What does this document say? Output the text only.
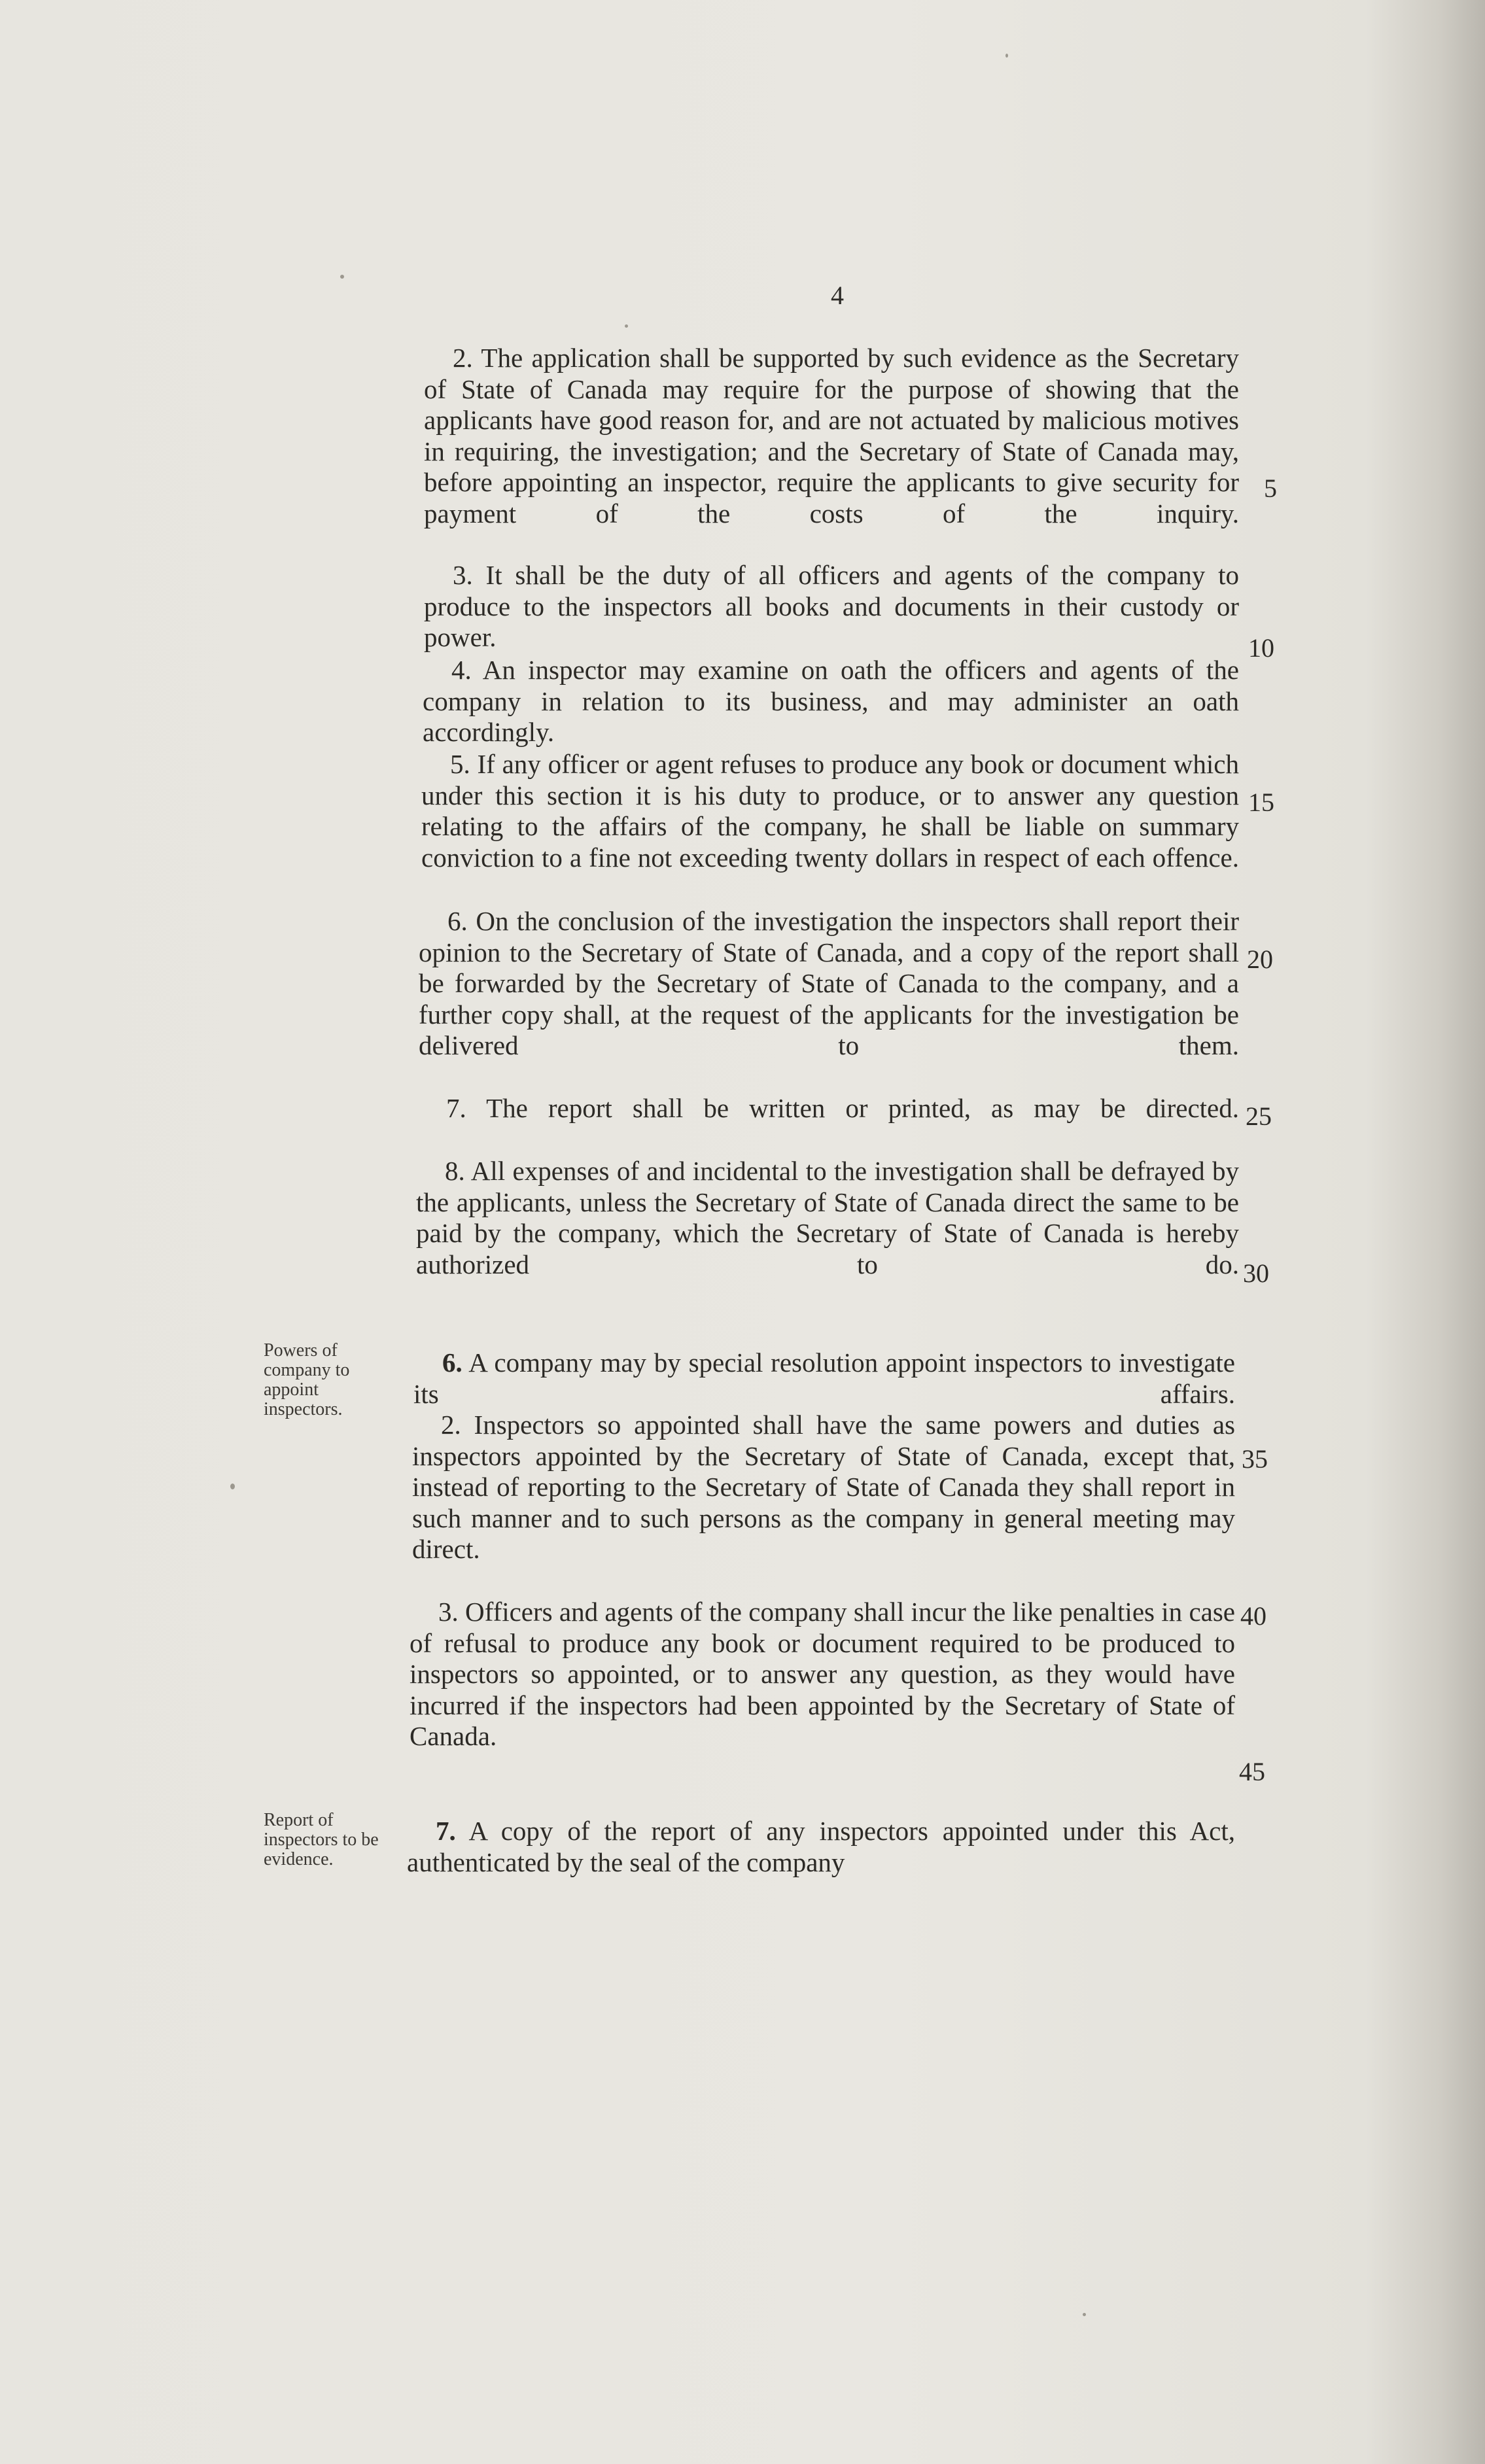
4

2. The application shall be supported by such evidence as the Secretary of State of Canada may require for the purpose of showing that the applicants have good reason for, and are not actuated by malicious motives in requiring, the investigation; and the Secretary of State of Canada may, before appointing an inspector, require the applicants to give security for payment of the costs of the inquiry.

3. It shall be the duty of all officers and agents of the company to produce to the inspectors all books and documents in their custody or power.

4. An inspector may examine on oath the officers and agents of the company in relation to its business, and may administer an oath accordingly.

5. If any officer or agent refuses to produce any book or document which under this section it is his duty to produce, or to answer any question relating to the affairs of the company, he shall be liable on summary conviction to a fine not exceeding twenty dollars in respect of each offence.

6. On the conclusion of the investigation the inspectors shall report their opinion to the Secretary of State of Canada, and a copy of the report shall be forwarded by the Secretary of State of Canada to the company, and a further copy shall, at the request of the applicants for the investigation be delivered to them.

7. The report shall be written or printed, as may be directed.

8. All expenses of and incidental to the investigation shall be defrayed by the applicants, unless the Secretary of State of Canada direct the same to be paid by the company, which the Secretary of State of Canada is hereby authorized to do.

Powers of company to appoint inspectors.

6. A company may by special resolution appoint inspectors to investigate its affairs.

2. Inspectors so appointed shall have the same powers and duties as inspectors appointed by the Secretary of State of Canada, except that, instead of reporting to the Secretary of State of Canada they shall report in such manner and to such persons as the company in general meeting may direct.

3. Officers and agents of the company shall incur the like penalties in case of refusal to produce any book or document required to be produced to inspectors so appointed, or to answer any question, as they would have incurred if the inspectors had been appointed by the Secretary of State of Canada.

Report of inspectors to be evidence.

7. A copy of the report of any inspectors appointed under this Act, authenticated by the seal of the company

5
10
15
20
25
30
35
40
45
